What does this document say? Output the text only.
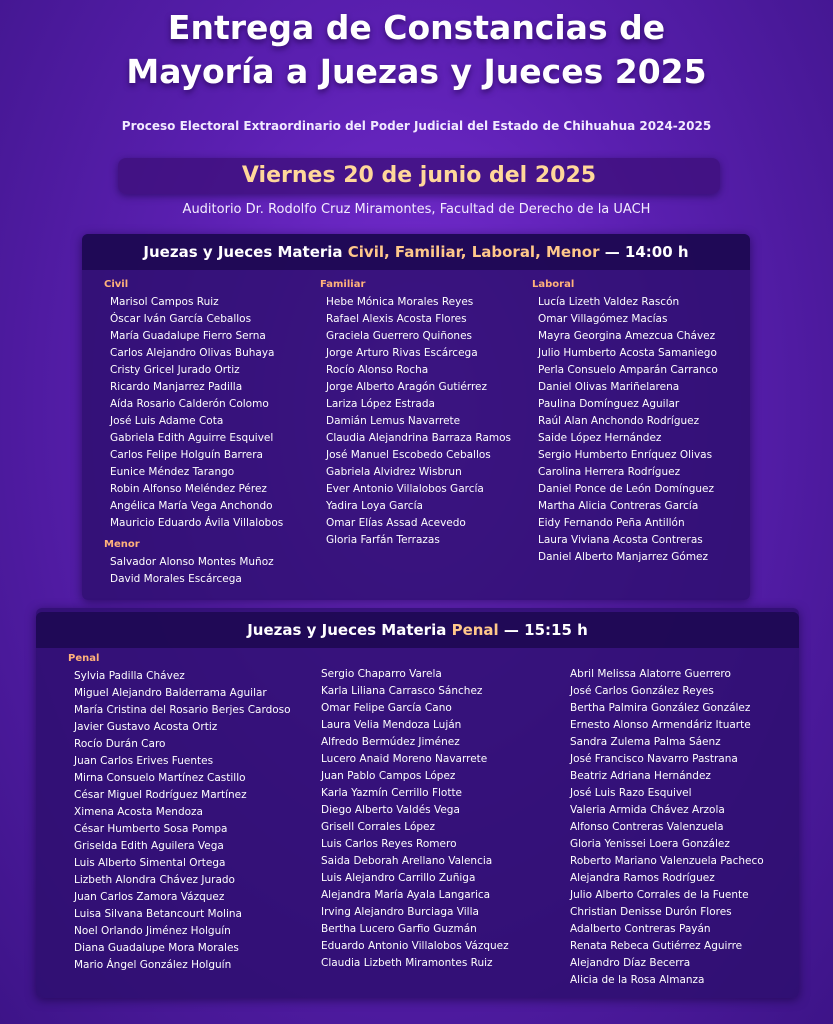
Entrega de Constancias de
Mayoría a Juezas y Jueces 2025
Proceso Electoral Extraordinario del Poder Judicial del Estado de Chihuahua 2024-2025
Viernes 20 de junio del 2025
Auditorio Dr. Rodolfo Cruz Miramontes, Facultad de Derecho de la UACH
Juezas y Jueces Materia Civil, Familiar, Laboral, Menor — 14:00 h
Civil
Marisol Campos Ruiz
Óscar Iván García Ceballos
María Guadalupe Fierro Serna
Carlos Alejandro Olivas Buhaya
Cristy Gricel Jurado Ortiz
Ricardo Manjarrez Padilla
Aída Rosario Calderón Colomo
José Luis Adame Cota
Gabriela Edith Aguirre Esquivel
Carlos Felipe Holguín Barrera
Eunice Méndez Tarango
Robin Alfonso Meléndez Pérez
Angélica María Vega Anchondo
Mauricio Eduardo Ávila Villalobos
Menor
Salvador Alonso Montes Muñoz
David Morales Escárcega
Familiar
Hebe Mónica Morales Reyes
Rafael Alexis Acosta Flores
Graciela Guerrero Quiñones
Jorge Arturo Rivas Escárcega
Rocío Alonso Rocha
Jorge Alberto Aragón Gutiérrez
Lariza López Estrada
Damián Lemus Navarrete
Claudia Alejandrina Barraza Ramos
José Manuel Escobedo Ceballos
Gabriela Alvidrez Wisbrun
Ever Antonio Villalobos García
Yadira Loya García
Omar Elías Assad Acevedo
Gloria Farfán Terrazas
Laboral
Lucía Lizeth Valdez Rascón
Omar Villagómez Macías
Mayra Georgina Amezcua Chávez
Julio Humberto Acosta Samaniego
Perla Consuelo Amparán Carranco
Daniel Olivas Mariñelarena
Paulina Domínguez Aguilar
Raúl Alan Anchondo Rodríguez
Saide López Hernández
Sergio Humberto Enríquez Olivas
Carolina Herrera Rodríguez
Daniel Ponce de León Domínguez
Martha Alicia Contreras García
Eidy Fernando Peña Antillón
Laura Viviana Acosta Contreras
Daniel Alberto Manjarrez Gómez
Juezas y Jueces Materia Penal — 15:15 h
Penal
Sylvia Padilla Chávez
Miguel Alejandro Balderrama Aguilar
María Cristina del Rosario Berjes Cardoso
Javier Gustavo Acosta Ortiz
Rocío Durán Caro
Juan Carlos Erives Fuentes
Mirna Consuelo Martínez Castillo
César Miguel Rodríguez Martínez
Ximena Acosta Mendoza
César Humberto Sosa Pompa
Griselda Edith Aguilera Vega
Luis Alberto Simental Ortega
Lizbeth Alondra Chávez Jurado
Juan Carlos Zamora Vázquez
Luisa Silvana Betancourt Molina
Noel Orlando Jiménez Holguín
Diana Guadalupe Mora Morales
Mario Ángel González Holguín
Sergio Chaparro Varela
Karla Liliana Carrasco Sánchez
Omar Felipe García Cano
Laura Velia Mendoza Luján
Alfredo Bermúdez Jiménez
Lucero Anaid Moreno Navarrete
Juan Pablo Campos López
Karla Yazmín Cerrillo Flotte
Diego Alberto Valdés Vega
Grisell Corrales López
Luis Carlos Reyes Romero
Saida Deborah Arellano Valencia
Luis Alejandro Carrillo Zuñiga
Alejandra María Ayala Langarica
Irving Alejandro Burciaga Villa
Bertha Lucero Garfio Guzmán
Eduardo Antonio Villalobos Vázquez
Claudia Lizbeth Miramontes Ruiz
Abril Melissa Alatorre Guerrero
José Carlos González Reyes
Bertha Palmira González González
Ernesto Alonso Armendáriz Ituarte
Sandra Zulema Palma Sáenz
José Francisco Navarro Pastrana
Beatriz Adriana Hernández
José Luis Razo Esquivel
Valeria Armida Chávez Arzola
Alfonso Contreras Valenzuela
Gloria Yenissei Loera González
Roberto Mariano Valenzuela Pacheco
Alejandra Ramos Rodríguez
Julio Alberto Corrales de la Fuente
Christian Denisse Durón Flores
Adalberto Contreras Payán
Renata Rebeca Gutiérrez Aguirre
Alejandro Díaz Becerra
Alicia de la Rosa Almanza
